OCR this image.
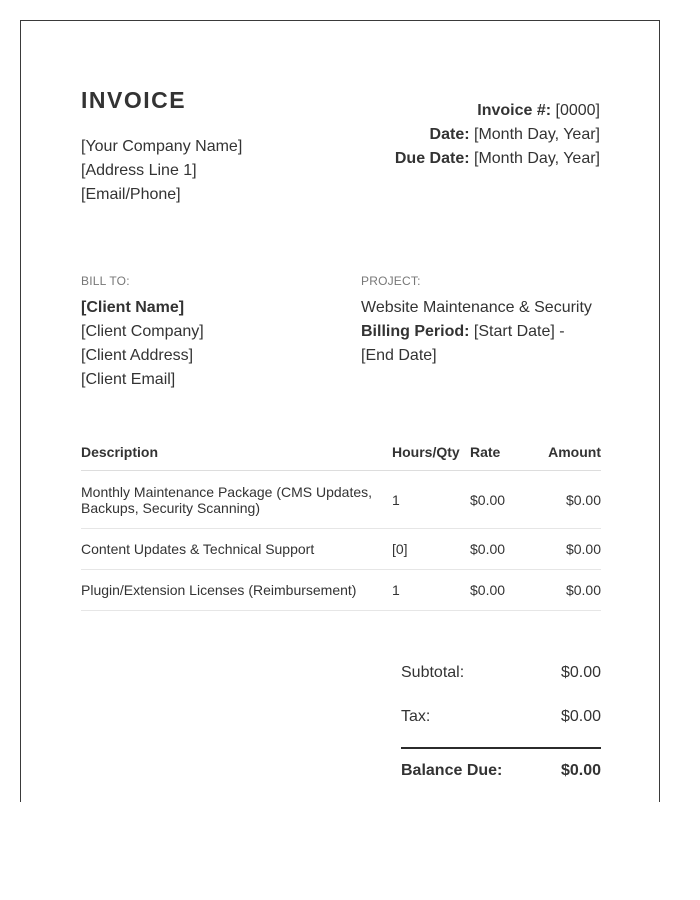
INVOICE
[Your Company Name]
[Address Line 1]
[Email/Phone]
Invoice #: [0000]
Date: [Month Day, Year]
Due Date: [Month Day, Year]
BILL TO:	PROJECT:
[Client Name]
[Client Company]
[Client Address]
[Client Email]
Website Maintenance & Security
Billing Period: [Start Date] -
[End Date]
Description	Hours/Qty	Rate	Amount
Monthly Maintenance Package (CMS Updates, Backups, Security Scanning)	1	$0.00	$0.00
Content Updates & Technical Support	[0]	$0.00	$0.00
Plugin/Extension Licenses (Reimbursement)	1	$0.00	$0.00
Subtotal:	$0.00
Tax:	$0.00
Balance Due:	$0.00
